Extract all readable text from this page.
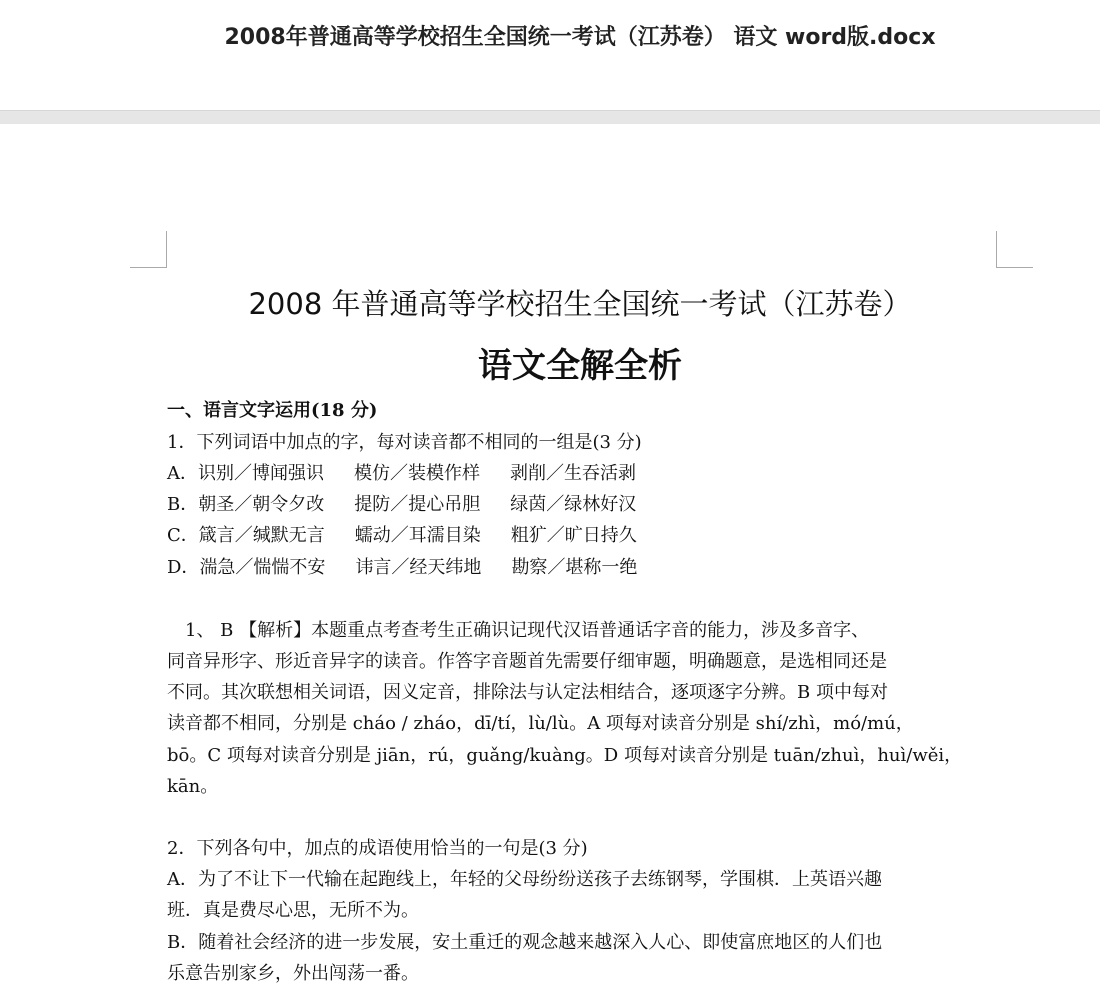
2008年普通高等学校招生全国统一考试（江苏卷） 语文 word版.docx
2008 年普通高等学校招生全国统一考试（江苏卷）
语文全解全析
一、语言文字运用(18 分)
1．下列词语中加点的字，每对读音都不相同的一组是(3 分)
A．识别／博闻强识 模仿／装模作样 剥削／生吞活剥
B．朝圣／朝令夕改 提防／提心吊胆 绿茵／绿林好汉
C．箴言／缄默无言 蠕动／耳濡目染 粗犷／旷日持久
D．湍急／惴惴不安 讳言／经天纬地 勘察／堪称一绝
　1、 B 【解析】本题重点考查考生正确识记现代汉语普通话字音的能力，涉及多音字、
同音异形字、形近音异字的读音。作答字音题首先需要仔细审题，明确题意，是选相同还是
不同。其次联想相关词语，因义定音，排除法与认定法相结合，逐项逐字分辨。B 项中每对
读音都不相同，分别是 cháo / zháo，dī/tí，lù/lù。A 项每对读音分别是 shí/zhì，mó/mú，
bō。C 项每对读音分别是 jiān，rú，guǎng/kuàng。D 项每对读音分别是 tuān/zhuì，huì/wěi，
kān。
2．下列各句中，加点的成语使用恰当的一句是(3 分)
A．为了不让下一代输在起跑线上，年轻的父母纷纷送孩子去练钢琴，学围棋．上英语兴趣
班．真是费尽心思，无所不为。
B．随着社会经济的进一步发展，安土重迁的观念越来越深入人心、即使富庶地区的人们也
乐意告别家乡，外出闯荡一番。
